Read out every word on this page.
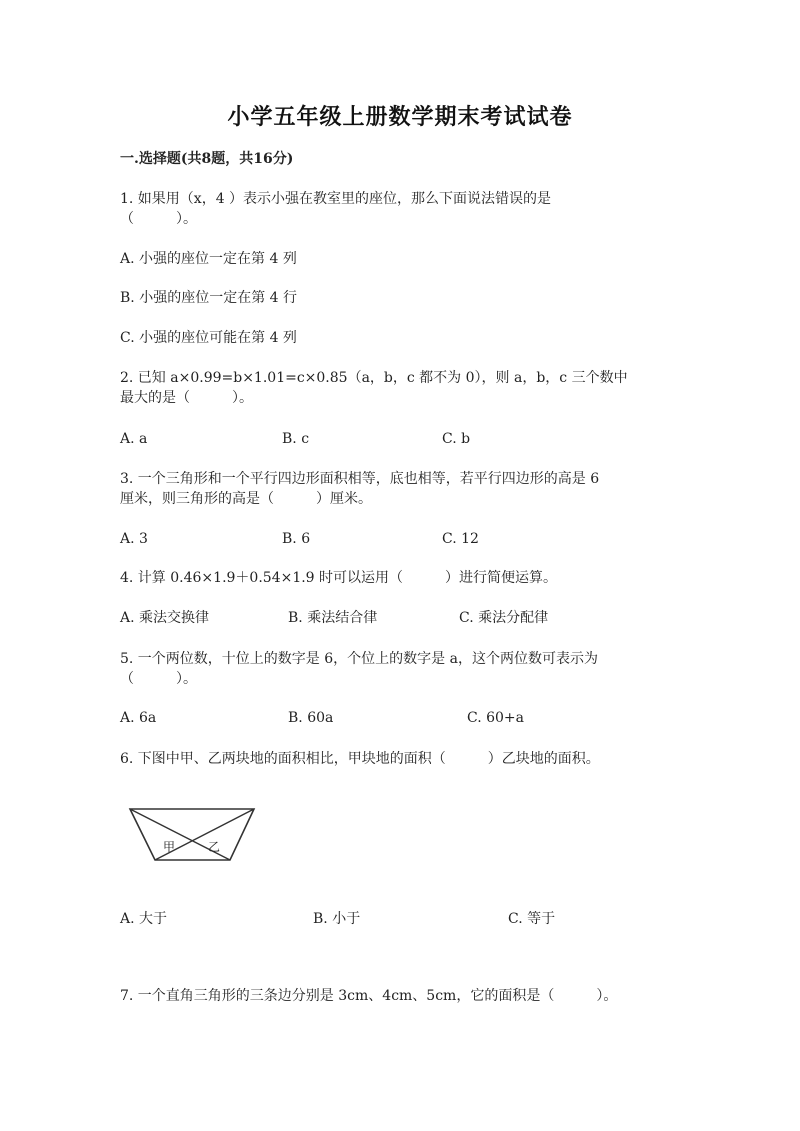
小学五年级上册数学期末考试试卷
一.选择题(共8题，共16分)
1. 如果用（x，4 ）表示小强在教室里的座位，那么下面说法错误的是
（　　　）。
A. 小强的座位一定在第 4 列
B. 小强的座位一定在第 4 行
C. 小强的座位可能在第 4 列
2. 已知 a×0.99=b×1.01=c×0.85（a，b，c 都不为 0），则 a，b，c 三个数中
最大的是（　　　）。
A. a	B. c	C. b
3. 一个三角形和一个平行四边形面积相等，底也相等，若平行四边形的高是 6
厘米，则三角形的高是（　　　）厘米。
A. 3	B. 6	C. 12
4. 计算 0.46×1.9＋0.54×1.9 时可以运用（　　　）进行简便运算。
A. 乘法交换律	B. 乘法结合律	C. 乘法分配律
5. 一个两位数，十位上的数字是 6，个位上的数字是 a，这个两位数可表示为
（　　　）。
A. 6a	B. 60a	C. 60+a
6. 下图中甲、乙两块地的面积相比，甲块地的面积（　　　）乙块地的面积。
甲	乙
A. 大于	B. 小于	C. 等于
7. 一个直角三角形的三条边分别是 3cm、4cm、5cm，它的面积是（　　　）。
